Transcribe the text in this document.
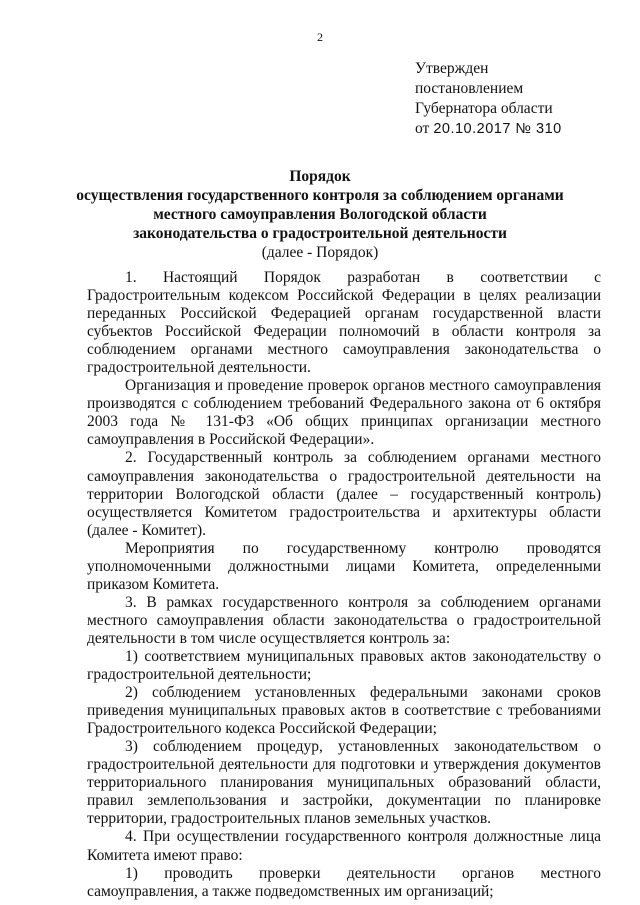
2
Утвержден
постановлением
Губернатора области
от 20.10.2017 № 310
Порядок
осуществления государственного контроля за соблюдением органами
местного самоуправления Вологодской области
законодательства о градостроительной деятельности
(далее - Порядок)

1. Настоящий Порядок разработан в соответствии с Градостроительным кодексом Российской Федерации в целях реализации переданных Российской Федерацией органам государственной власти субъектов Российской Федерации полномочий в области контроля за соблюдением органами местного самоуправления законодательства о градостроительной деятельности.

Организация и проведение проверок органов местного самоуправления производятся с соблюдением требований Федерального закона от 6 октября 2003 года № 131-ФЗ «Об общих принципах организации местного самоуправления в Российской Федерации».

2. Государственный контроль за соблюдением органами местного самоуправления законодательства о градостроительной деятельности на территории Вологодской области (далее – государственный контроль) осуществляется Комитетом градостроительства и архитектуры области (далее - Комитет).

Мероприятия по государственному контролю проводятся уполномоченными должностными лицами Комитета, определенными приказом Комитета.

3. В рамках государственного контроля за соблюдением органами местного самоуправления области законодательства о градостроительной деятельности в том числе осуществляется контроль за:

1) соответствием муниципальных правовых актов законодательству о градостроительной деятельности;

2) соблюдением установленных федеральными законами сроков приведения муниципальных правовых актов в соответствие с требованиями Градостроительного кодекса Российской Федерации;

3) соблюдением процедур, установленных законодательством о градостроительной деятельности для подготовки и утверждения документов территориального планирования муниципальных образований области, правил землепользования и застройки, документации по планировке территории, градостроительных планов земельных участков.

4. При осуществлении государственного контроля должностные лица Комитета имеют право:

1) проводить проверки деятельности органов местного самоуправления, а также подведомственных им организаций;
